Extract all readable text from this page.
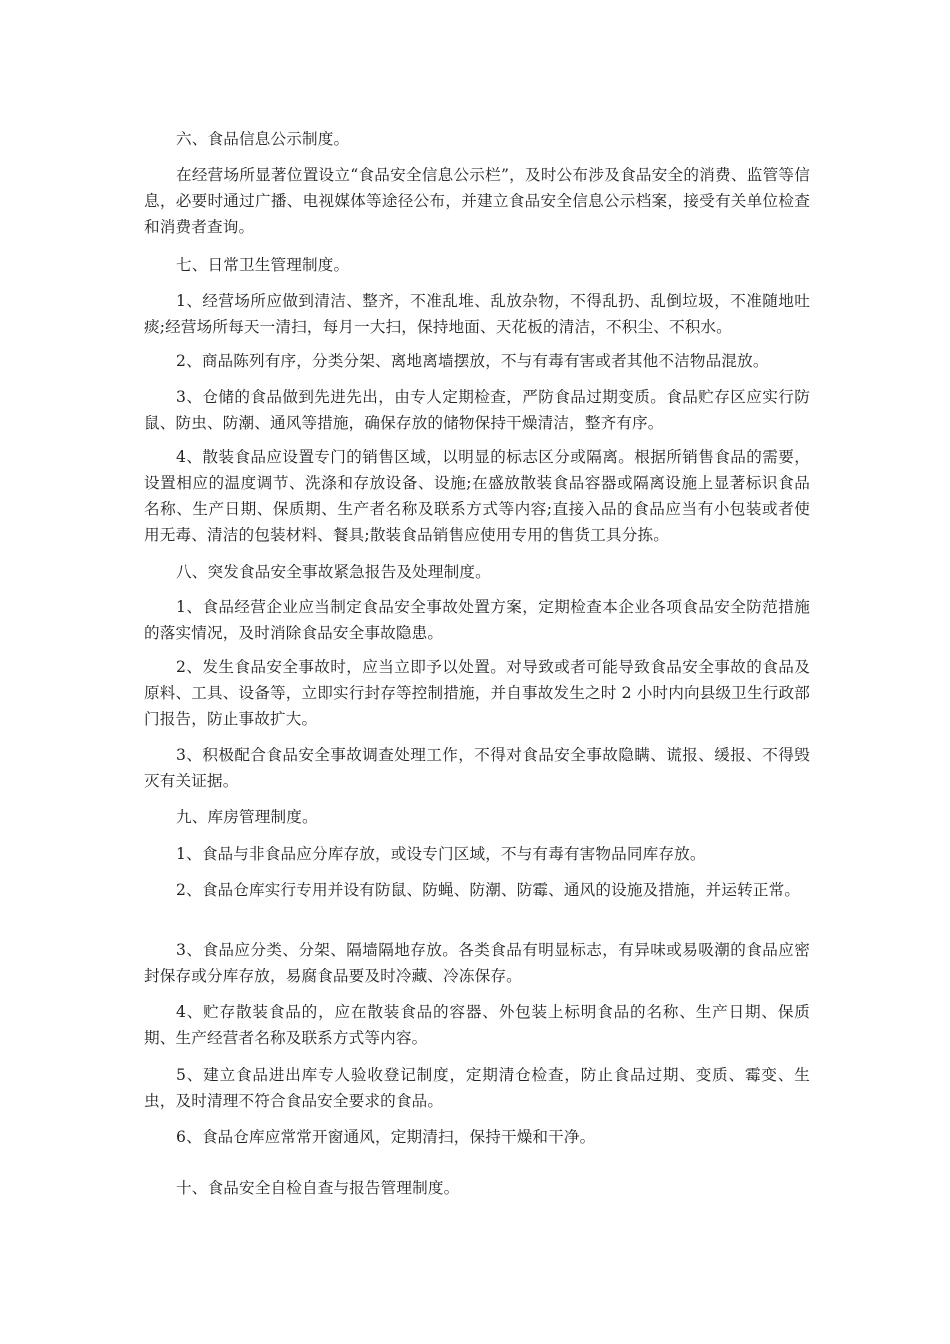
六、食品信息公示制度。

在经营场所显著位置设立“食品安全信息公示栏”，及时公布涉及食品安全的消费、监管等信息，必要时通过广播、电视媒体等途径公布，并建立食品安全信息公示档案，接受有关单位检查和消费者查询。

七、日常卫生管理制度。

1、经营场所应做到清洁、整齐，不准乱堆、乱放杂物，不得乱扔、乱倒垃圾，不准随地吐痰;经营场所每天一清扫，每月一大扫，保持地面、天花板的清洁，不积尘、不积水。

2、商品陈列有序，分类分架、离地离墙摆放，不与有毒有害或者其他不洁物品混放。

3、仓储的食品做到先进先出，由专人定期检查，严防食品过期变质。食品贮存区应实行防鼠、防虫、防潮、通风等措施，确保存放的储物保持干燥清洁，整齐有序。

4、散装食品应设置专门的销售区域，以明显的标志区分或隔离。根据所销售食品的需要，设置相应的温度调节、洗涤和存放设备、设施;在盛放散装食品容器或隔离设施上显著标识食品名称、生产日期、保质期、生产者名称及联系方式等内容;直接入品的食品应当有小包装或者使用无毒、清洁的包装材料、餐具;散装食品销售应使用专用的售货工具分拣。

八、突发食品安全事故紧急报告及处理制度。

1、食品经营企业应当制定食品安全事故处置方案，定期检查本企业各项食品安全防范措施的落实情况，及时消除食品安全事故隐患。

2、发生食品安全事故时，应当立即予以处置。对导致或者可能导致食品安全事故的食品及原料、工具、设备等，立即实行封存等控制措施，并自事故发生之时 2 小时内向县级卫生行政部门报告，防止事故扩大。

3、积极配合食品安全事故调查处理工作，不得对食品安全事故隐瞒、谎报、缓报、不得毁灭有关证据。

九、库房管理制度。

1、食品与非食品应分库存放，或设专门区域，不与有毒有害物品同库存放。

2、食品仓库实行专用并设有防鼠、防蝇、防潮、防霉、通风的设施及措施，并运转正常。

3、食品应分类、分架、隔墙隔地存放。各类食品有明显标志，有异味或易吸潮的食品应密封保存或分库存放，易腐食品要及时冷藏、冷冻保存。

4、贮存散装食品的，应在散装食品的容器、外包装上标明食品的名称、生产日期、保质期、生产经营者名称及联系方式等内容。

5、建立食品进出库专人验收登记制度，定期清仓检查，防止食品过期、变质、霉变、生虫，及时清理不符合食品安全要求的食品。

6、食品仓库应常常开窗通风，定期清扫，保持干燥和干净。

十、食品安全自检自查与报告管理制度。
